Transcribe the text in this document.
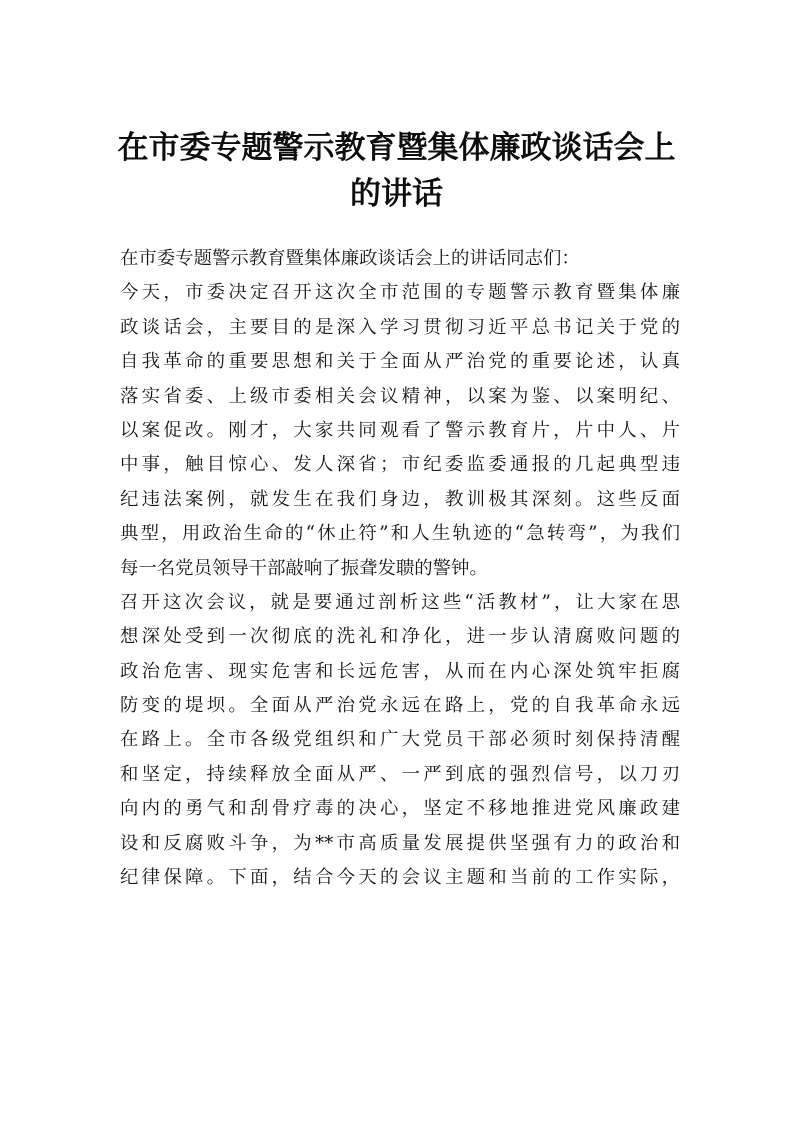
在市委专题警示教育暨集体廉政谈话会上
的讲话
在市委专题警示教育暨集体廉政谈话会上的讲话同志们：
今天，市委决定召开这次全市范围的专题警示教育暨集体廉
政谈话会，主要目的是深入学习贯彻习近平总书记关于党的
自我革命的重要思想和关于全面从严治党的重要论述，认真
落实省委、上级市委相关会议精神，以案为鉴、以案明纪、
以案促改。刚才，大家共同观看了警示教育片，片中人、片
中事，触目惊心、发人深省；市纪委监委通报的几起典型违
纪违法案例，就发生在我们身边，教训极其深刻。这些反面
典型，用政治生命的“休止符”和人生轨迹的“急转弯”，为我们
每一名党员领导干部敲响了振聋发聩的警钟。
召开这次会议，就是要通过剖析这些“活教材”，让大家在思
想深处受到一次彻底的洗礼和净化，进一步认清腐败问题的
政治危害、现实危害和长远危害，从而在内心深处筑牢拒腐
防变的堤坝。全面从严治党永远在路上，党的自我革命永远
在路上。全市各级党组织和广大党员干部必须时刻保持清醒
和坚定，持续释放全面从严、一严到底的强烈信号，以刀刃
向内的勇气和刮骨疗毒的决心，坚定不移地推进党风廉政建
设和反腐败斗争，为**市高质量发展提供坚强有力的政治和
纪律保障。下面，结合今天的会议主题和当前的工作实际，
